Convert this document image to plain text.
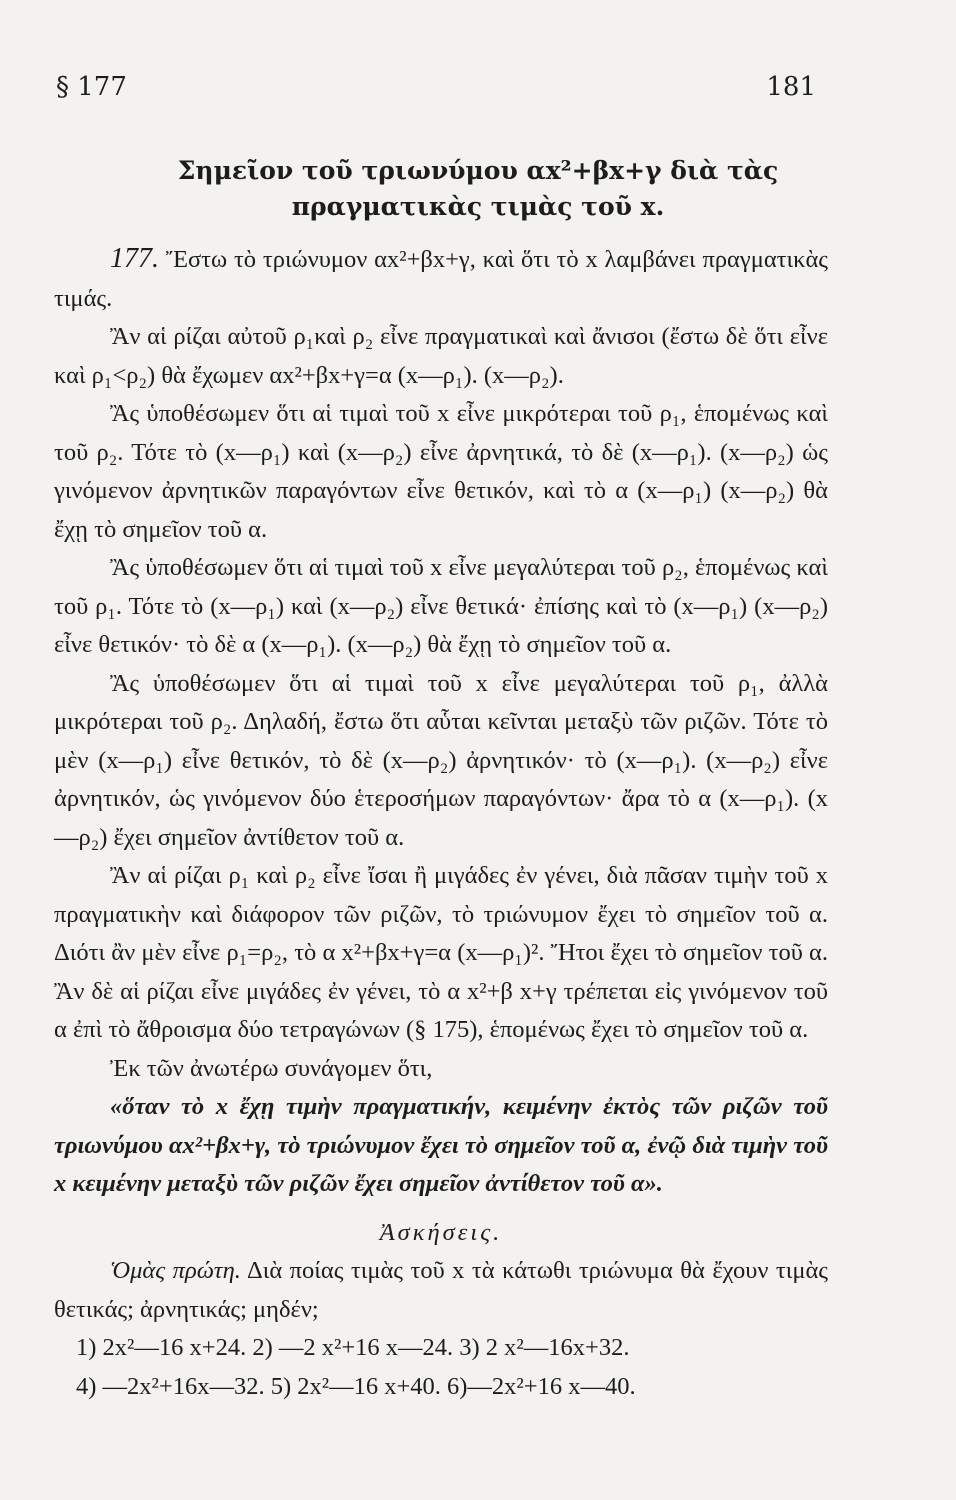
§ 177	181
Σημεῖον τοῦ τριωνύμου αx²+βx+γ διὰ τὰς
πραγματικὰς τιμὰς τοῦ x.

177. Ἔστω τὸ τριώνυμον αx²+βx+γ, καὶ ὅτι τὸ x λαμβάνει πραγματικὰς τιμάς.

Ἂν αἱ ρίζαι αὐτοῦ ρ₁καὶ ρ₂ εἶνε πραγματικαὶ καὶ ἄνισοι (ἔστω δὲ ὅτι εἶνε καὶ ρ₁<ρ₂) θὰ ἔχωμεν αx²+βx+γ=α (x—ρ₁). (x—ρ₂).

Ἂς ὑποθέσωμεν ὅτι αἱ τιμαὶ τοῦ x εἶνε μικρότεραι τοῦ ρ₁, ἑπομένως καὶ τοῦ ρ₂. Τότε τὸ (x—ρ₁) καὶ (x—ρ₂) εἶνε ἀρνητικά, τὸ δὲ (x—ρ₁). (x—ρ₂) ὡς γινόμενον ἀρνητικῶν παραγόντων εἶνε θετικόν, καὶ τὸ α (x—ρ₁) (x—ρ₂) θὰ ἔχῃ τὸ σημεῖον τοῦ α.

Ἂς ὑποθέσωμεν ὅτι αἱ τιμαὶ τοῦ x εἶνε μεγαλύτεραι τοῦ ρ₂, ἑπομένως καὶ τοῦ ρ₁. Τότε τὸ (x—ρ₁) καὶ (x—ρ₂) εἶνε θετικά· ἐπίσης καὶ τὸ (x—ρ₁) (x—ρ₂) εἶνε θετικόν· τὸ δὲ α (x—ρ₁). (x—ρ₂) θὰ ἔχῃ τὸ σημεῖον τοῦ α.

Ἂς ὑποθέσωμεν ὅτι αἱ τιμαὶ τοῦ x εἶνε μεγαλύτεραι τοῦ ρ₁, ἀλλὰ μικρότεραι τοῦ ρ₂. Δηλαδή, ἔστω ὅτι αὗται κεῖνται μεταξὺ τῶν ριζῶν. Τότε τὸ μὲν (x—ρ₁) εἶνε θετικόν, τὸ δὲ (x—ρ₂) ἀρνητικόν· τὸ (x—ρ₁). (x—ρ₂) εἶνε ἀρνητικόν, ὡς γινόμενον δύο ἑτεροσήμων παραγόντων· ἄρα τὸ α (x—ρ₁). (x—ρ₂) ἔχει σημεῖον ἀντίθετον τοῦ α.

Ἂν αἱ ρίζαι ρ₁ καὶ ρ₂ εἶνε ἴσαι ἢ μιγάδες ἐν γένει, διὰ πᾶσαν τιμὴν τοῦ x πραγματικὴν καὶ διάφορον τῶν ριζῶν, τὸ τριώνυμον ἔχει τὸ σημεῖον τοῦ α. Διότι ἂν μὲν εἶνε ρ₁=ρ₂, τὸ α x²+βx+γ=α (x—ρ₁)². Ἤτοι ἔχει τὸ σημεῖον τοῦ α. Ἂν δὲ αἱ ρίζαι εἶνε μιγάδες ἐν γένει, τὸ α x²+β x+γ τρέπεται εἰς γινόμενον τοῦ α ἐπὶ τὸ ἄθροισμα δύο τετραγώνων (§ 175), ἑπομένως ἔχει τὸ σημεῖον τοῦ α.

Ἐκ τῶν ἀνωτέρω συνάγομεν ὅτι,

«ὅταν τὸ x ἔχῃ τιμὴν πραγματικήν, κειμένην ἐκτὸς τῶν ριζῶν τοῦ τριωνύμου αx²+βx+γ, τὸ τριώνυμον ἔχει τὸ σημεῖον τοῦ α, ἐνῷ διὰ τιμὴν τοῦ x κειμένην μεταξὺ τῶν ριζῶν ἔχει σημεῖον ἀντίθετον τοῦ α».

Ἀσκήσεις.

Ὁμὰς πρώτη. Διὰ ποίας τιμὰς τοῦ x τὰ κάτωθι τριώνυμα θὰ ἔχουν τιμὰς θετικάς; ἀρνητικάς; μηδέν;

1) 2x²—16 x+24. 2) —2 x²+16 x—24. 3) 2 x²—16x+32.
4) —2x²+16x—32. 5) 2x²—16 x+40. 6)—2x²+16 x—40.
